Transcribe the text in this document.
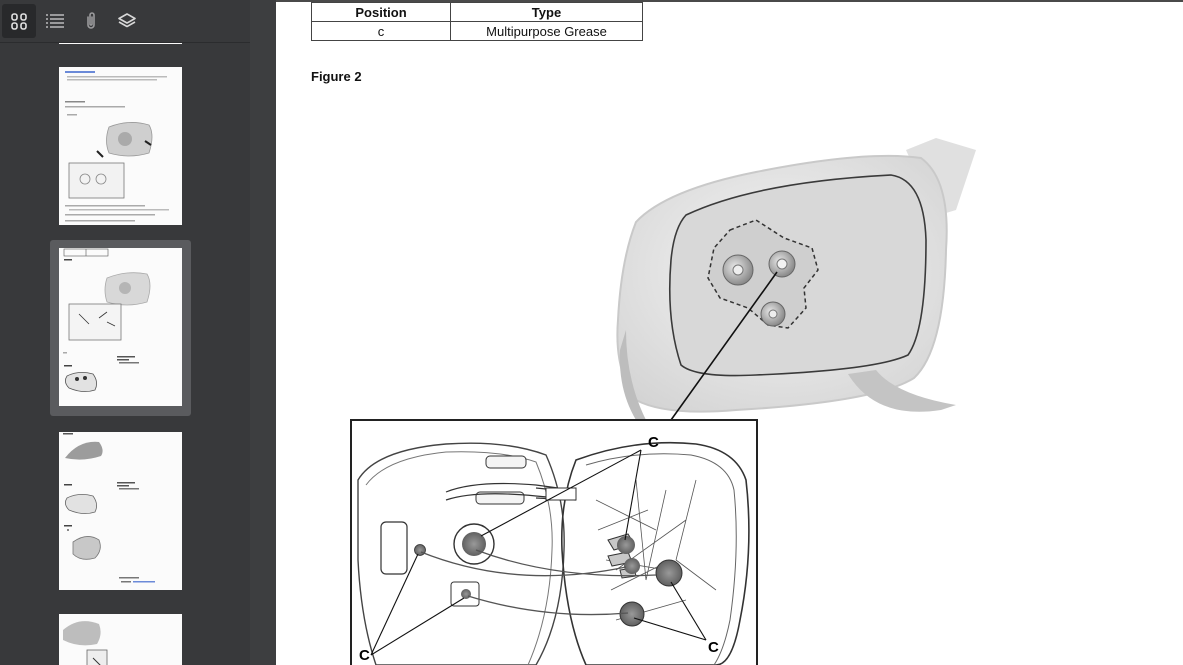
Position	Type
c	Multipurpose Grease
Figure 2
C
C	C
